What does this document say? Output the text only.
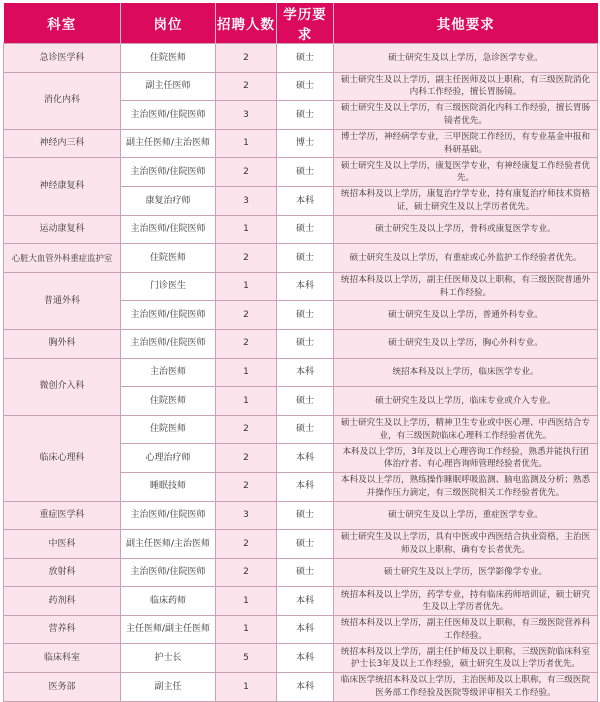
科室	岗位	招聘人数	学历要求	其他要求
急诊医学科	住院医师	2	硕士	硕士研究生及以上学历，急诊医学专业。
消化内科	副主任医师	2	硕士	硕士研究生及以上学历，副主任医师及以上职称，有三级医院消化内科工作经验，擅长胃肠镜。
	主治医师/住院医师	3	硕士	硕士研究生及以上学历，有三级医院消化内科工作经验，擅长胃肠镜者优先。
神经内三科	副主任医师/主治医师	1	博士	博士学历，神经病学专业，三甲医院工作经历，有专业基金申报和科研基础。
神经康复科	主治医师/住院医师	2	硕士	硕士研究生及以上学历，康复医学专业，有神经康复工作经验者优先。
	康复治疗师	3	本科	统招本科及以上学历，康复治疗学专业，持有康复治疗师技术资格证，硕士研究生及以上学历者优先。
运动康复科	主治医师/住院医师	1	硕士	硕士研究生及以上学历，骨科或康复医学专业。
心脏大血管外科重症监护室	住院医师	2	硕士	硕士研究生及以上学历，有重症或心外监护工作经验者优先。
普通外科	门诊医生	1	本科	统招本科及以上学历，副主任医师及以上职称，有三级医院普通外科工作经验。
	主治医师/住院医师	2	硕士	硕士研究生及以上学历，普通外科专业。
胸外科	主治医师/住院医师	2	硕士	硕士研究生及以上学历，胸心外科专业。
微创介入科	主治医师	1	本科	统招本科及以上学历，临床医学专业。
	住院医师	1	硕士	硕士研究生及以上学历，临床专业或介入专业。
临床心理科	住院医师	2	硕士	硕士研究生及以上学历，精神卫生专业或中医心理、中西医结合专业，有三级医院临床心理科工作经验者优先。
	心理治疗师	2	本科	本科及以上学历，3年及以上心理咨询工作经验，熟悉并能执行团体治疗者、有心理咨询师管理经验者优先。
	睡眠技师	2	本科	本科及以上学历，熟练操作睡眠呼吸监测、脑电监测及分析；熟悉并操作压力滴定，有三级医院相关工作经验者优先。
重症医学科	主治医师/住院医师	3	硕士	硕士研究生及以上学历，重症医学专业。
中医科	副主任医师/主治医师	2	硕士	硕士研究生及以上学历，具有中医或中西医结合执业资格，主治医师及以上职称，确有专长者优先。
放射科	主治医师/住院医师	2	硕士	硕士研究生及以上学历，医学影像学专业。
药剂科	临床药师	1	本科	统招本科及以上学历，药学专业，持有临床药师培训证，硕士研究生及以上学历者优先。
营养科	主任医师/副主任医师	1	本科	统招本科及以上学历，副主任医师及以上职称，有三级医院营养科工作经验。
临床科室	护士长	5	本科	统招本科及以上学历，副主任护师及以上职称，三级医院临床科室护士长3年及以上工作经验，硕士研究生及以上学历者优先。
医务部	副主任	1	本科	临床医学统招本科及以上学历，主治医师及以上职称，有三级医院医务部工作经验及医院等级评审相关工作经验。
